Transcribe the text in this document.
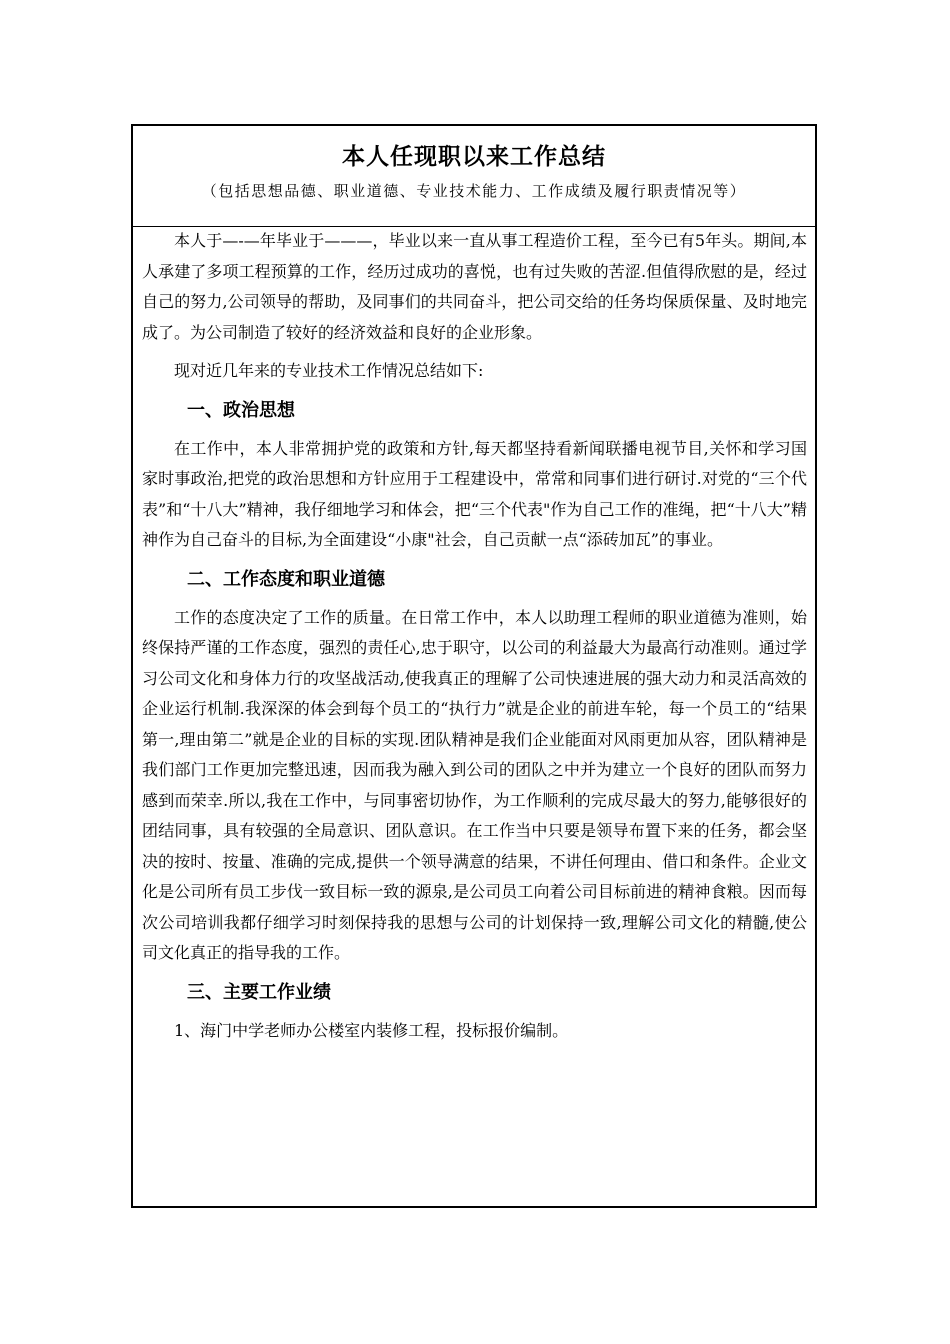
本人任现职以来工作总结
（包括思想品德、职业道德、专业技术能力、工作成绩及履行职责情况等）

本人于—-—年毕业于———，毕业以来一直从事工程造价工程，至今已有5年头。期间,本人承建了多项工程预算的工作，经历过成功的喜悦，也有过失败的苦涩.但值得欣慰的是，经过自己的努力,公司领导的帮助，及同事们的共同奋斗，把公司交给的任务均保质保量、及时地完成了。为公司制造了较好的经济效益和良好的企业形象。

现对近几年来的专业技术工作情况总结如下:

一、政治思想

在工作中，本人非常拥护党的政策和方针,每天都坚持看新闻联播电视节目,关怀和学习国家时事政治,把党的政治思想和方针应用于工程建设中，常常和同事们进行研讨.对党的“三个代表”和“十八大”精神，我仔细地学习和体会，把“三个代表"作为自己工作的准绳，把“十八大”精神作为自己奋斗的目标,为全面建设“小康"社会，自己贡献一点“添砖加瓦”的事业。

二、工作态度和职业道德

工作的态度决定了工作的质量。在日常工作中，本人以助理工程师的职业道德为准则，始终保持严谨的工作态度，强烈的责任心,忠于职守，以公司的利益最大为最高行动准则。通过学习公司文化和身体力行的攻坚战活动,使我真正的理解了公司快速进展的强大动力和灵活高效的企业运行机制.我深深的体会到每个员工的“执行力”就是企业的前进车轮，每一个员工的“结果第一,理由第二”就是企业的目标的实现.团队精神是我们企业能面对风雨更加从容，团队精神是我们部门工作更加完整迅速，因而我为融入到公司的团队之中并为建立一个良好的团队而努力感到而荣幸.所以,我在工作中，与同事密切协作，为工作顺利的完成尽最大的努力,能够很好的团结同事，具有较强的全局意识、团队意识。在工作当中只要是领导布置下来的任务，都会坚决的按时、按量、准确的完成,提供一个领导满意的结果，不讲任何理由、借口和条件。企业文化是公司所有员工步伐一致目标一致的源泉,是公司员工向着公司目标前进的精神食粮。因而每次公司培训我都仔细学习时刻保持我的思想与公司的计划保持一致,理解公司文化的精髓,使公司文化真正的指导我的工作。

三、主要工作业绩

1、海门中学老师办公楼室内装修工程，投标报价编制。
